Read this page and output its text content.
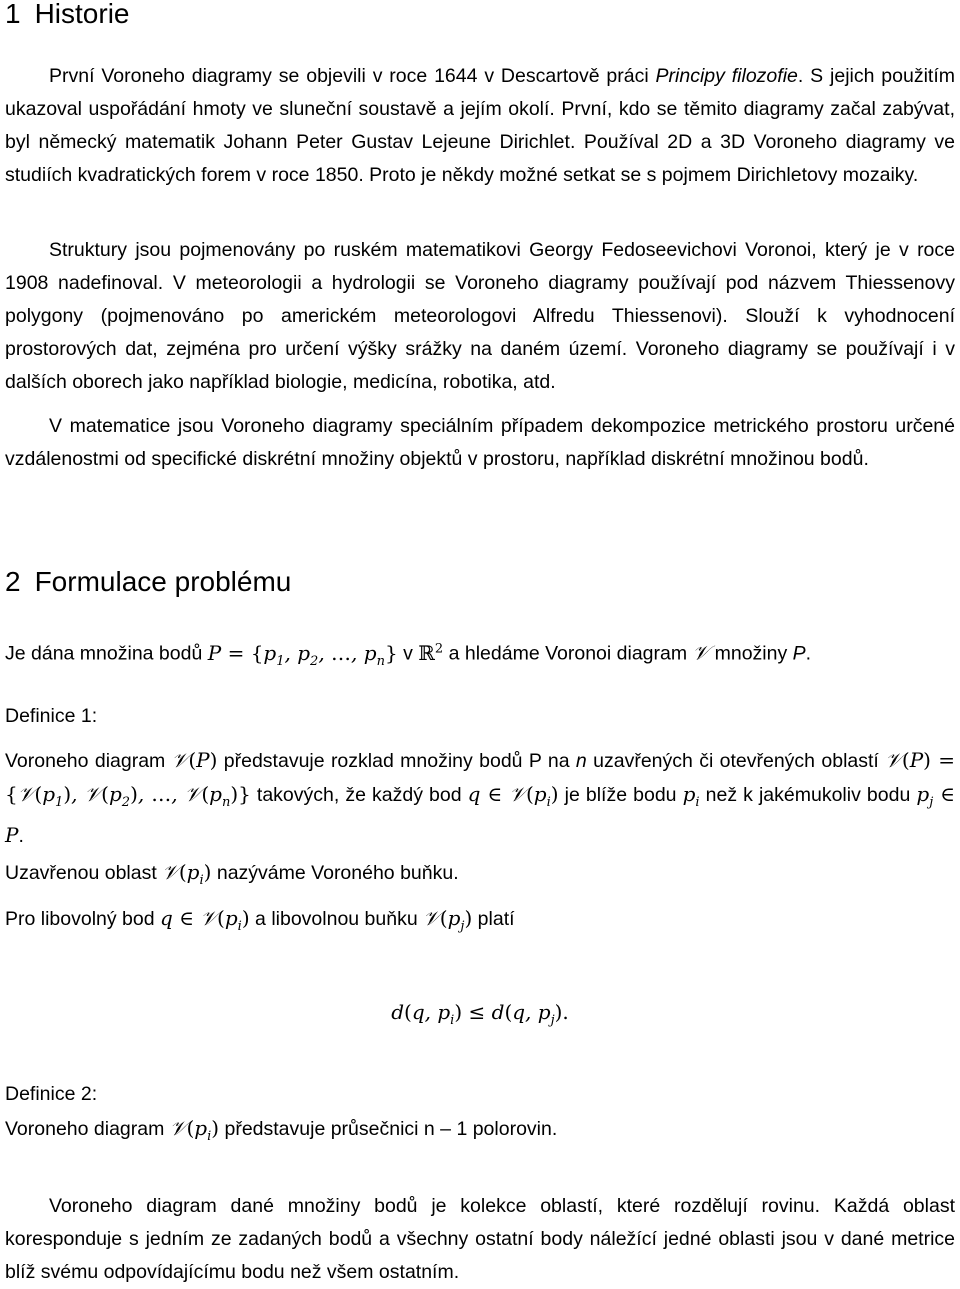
1 Historie

První Voroneho diagramy se objevili v roce 1644 v Descartově práci Principy filozofie. S jejich použitím ukazoval uspořádání hmoty ve sluneční soustavě a jejím okolí. První, kdo se těmito diagramy začal zabývat, byl německý matematik Johann Peter Gustav Lejeune Dirichlet. Používal 2D a 3D Voroneho diagramy ve studiích kvadratických forem v roce 1850. Proto je někdy možné setkat se s pojmem Dirichletovy mozaiky.

Struktury jsou pojmenovány po ruském matematikovi Georgy Fedoseevichovi Voronoi, který je v roce 1908 nadefinoval. V meteorologii a hydrologii se Voroneho diagramy používají pod názvem Thiessenovy polygony (pojmenováno po americkém meteorologovi Alfredu Thiessenovi). Slouží k vyhodnocení prostorových dat, zejména pro určení výšky srážky na daném území. Voroneho diagramy se používají i v dalších oborech jako například biologie, medicína, robotika, atd.

V matematice jsou Voroneho diagramy speciálním případem dekompozice metrického prostoru určené vzdálenostmi od specifické diskrétní množiny objektů v prostoru, například diskrétní množinou bodů.

2 Formulace problému

Je dána množina bodů $P = \{p_1$, $p_2$, …, $p_n$} v ℝ$^2$ a hledáme Voronoi diagram 𝒱 množiny P.

Definice 1:

Voroneho diagram 𝒱(P) představuje rozklad množiny bodů P na n uzavřených či otevřených oblastí 𝒱(P) = {$𝒱(p_1)$, $𝒱(p_2)$, …, $𝒱(p_n)$} takových, že každý bod q ∈ $𝒱(p_i)$ je blíže bodu $p_i$ než k jakémukoliv bodu $p_j$ ∈ P.

Uzavřenou oblast $𝒱(p_i)$ nazýváme Voroného buňku.

Pro libovolný bod q ∈ $𝒱(p_i)$ a libovolnou buňku $𝒱(p_j)$ platí

d(q, $p_i) \le d(q$, $p_j$).

Definice 2:

Voroneho diagram $𝒱(p_i)$ představuje průsečnici n – 1 polorovin.

Voroneho diagram dané množiny bodů je kolekce oblastí, které rozdělují rovinu. Každá oblast koresponduje s jedním ze zadaných bodů a všechny ostatní body náležící jedné oblasti jsou v dané metrice blíž svému odpovídajícímu bodu než všem ostatním.
